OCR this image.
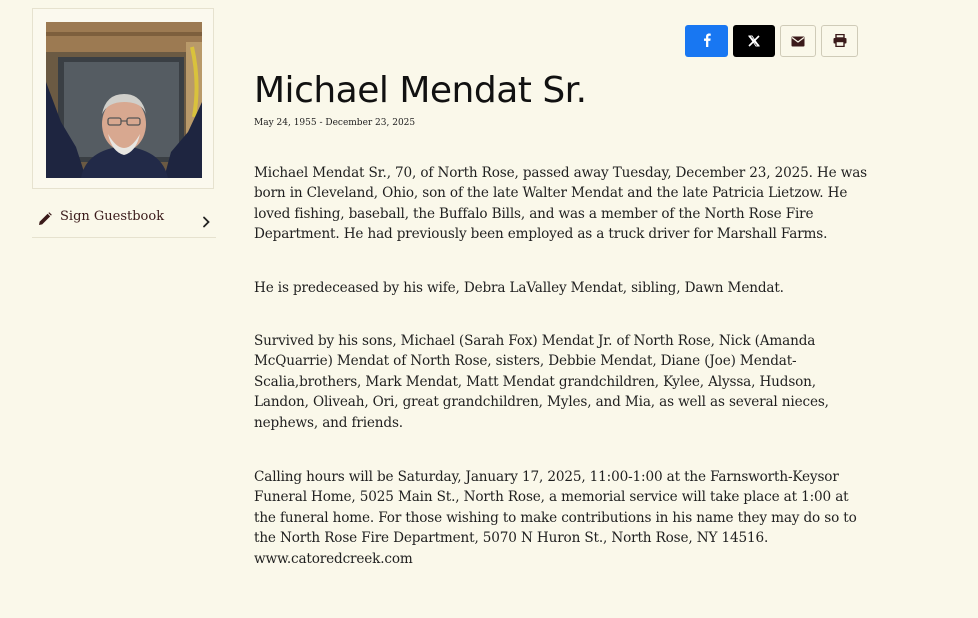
Sign Guestbook
Michael Mendat Sr.
May 24, 1955 - December 23, 2025

Michael Mendat Sr., 70, of North Rose, passed away Tuesday, December 23, 2025. He was born in Cleveland, Ohio, son of the late Walter Mendat and the late Patricia Lietzow. He loved fishing, baseball, the Buffalo Bills, and was a member of the North Rose Fire Department. He had previously been employed as a truck driver for Marshall Farms.

He is predeceased by his wife, Debra LaValley Mendat, sibling, Dawn Mendat.

Survived by his sons, Michael (Sarah Fox) Mendat Jr. of North Rose, Nick (Amanda McQuarrie) Mendat of North Rose, sisters, Debbie Mendat, Diane (Joe) Mendat-Scalia,brothers, Mark Mendat, Matt Mendat grandchildren, Kylee, Alyssa, Hudson, Landon, Oliveah, Ori, great grandchildren, Myles, and Mia, as well as several nieces, nephews, and friends.

Calling hours will be Saturday, January 17, 2025, 11:00-1:00 at the Farnsworth-Keysor Funeral Home, 5025 Main St., North Rose, a memorial service will take place at 1:00 at the funeral home. For those wishing to make contributions in his name they may do so to the North Rose Fire Department, 5070 N Huron St., North Rose, NY 14516.
www.catoredcreek.com
